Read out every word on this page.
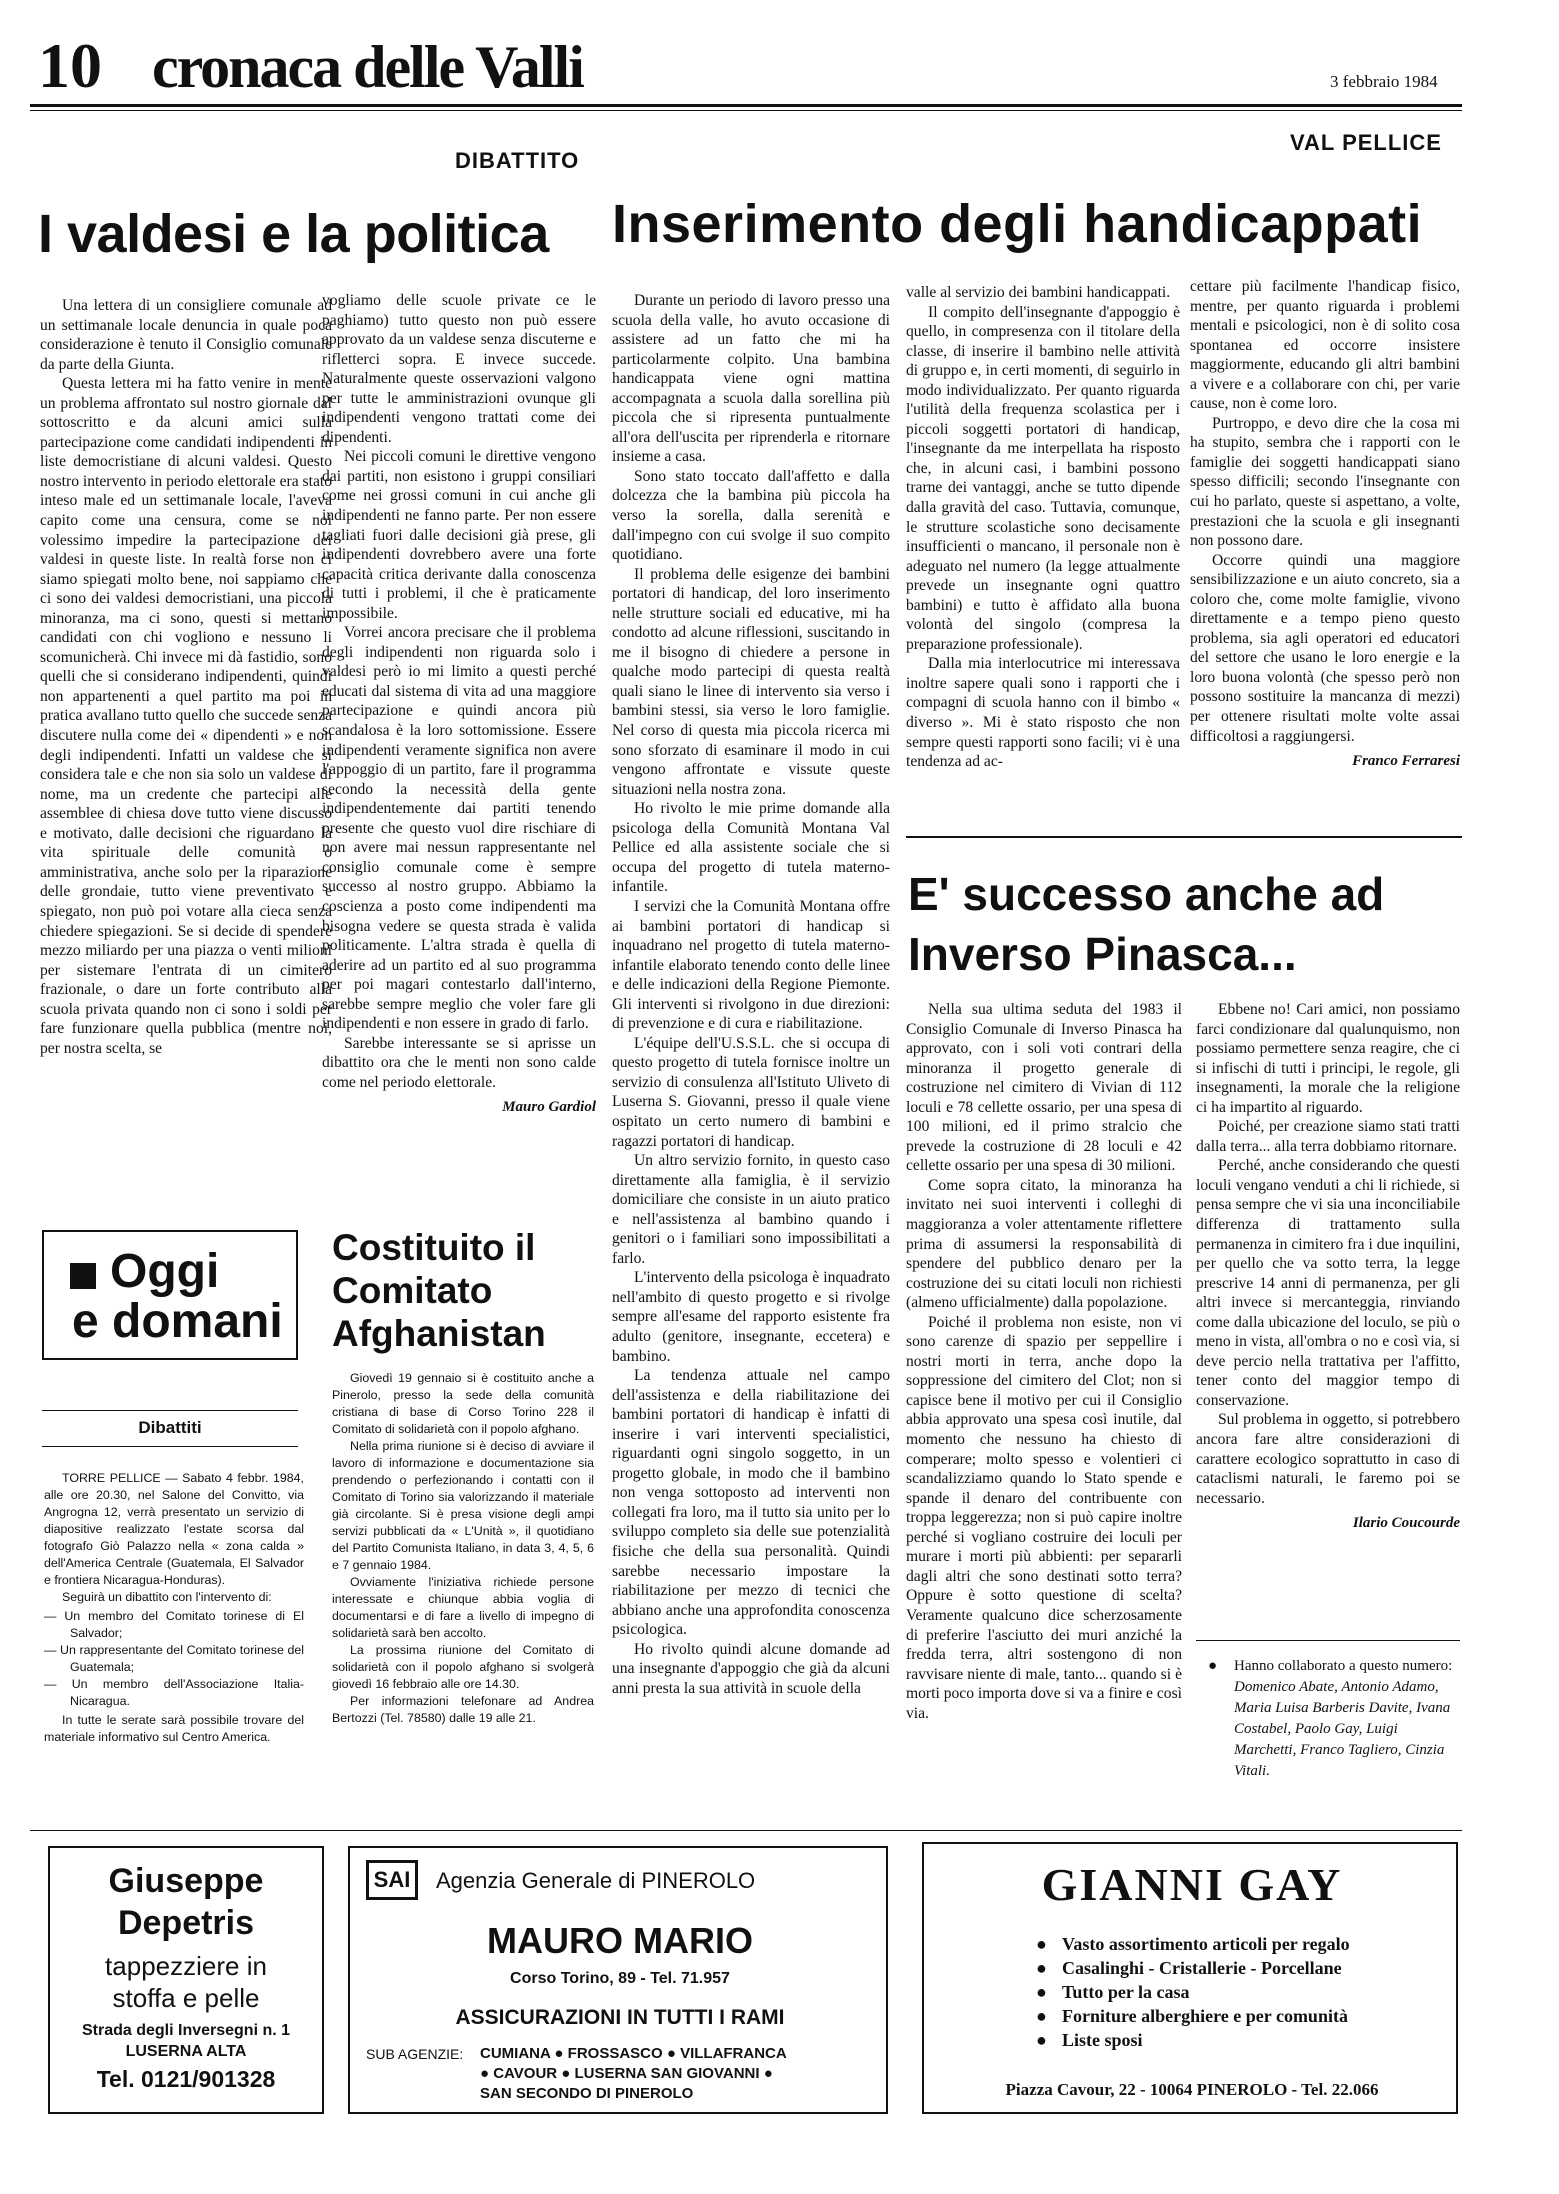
10 cronaca delle Valli	3 febbraio 1984
DIBATTITO
VAL PELLICE
I valdesi e la politica Inserimento degli handicappati

Una lettera di un consigliere comunale ad un settimanale locale denuncia in quale poca considerazione è tenuto il Consiglio comunale da parte della Giunta.

Questa lettera mi ha fatto venire in mente un problema affrontato sul nostro giornale dal sottoscritto e da alcuni amici sulla partecipazione come candidati indipendenti in liste democristiane di alcuni valdesi. Questo nostro intervento in periodo elettorale era stato inteso male ed un settimanale locale, l'aveva capito come una censura, come se noi volessimo impedire la partecipazione dei valdesi in queste liste. In realtà forse non ci siamo spiegati molto bene, noi sappiamo che ci sono dei valdesi democristiani, una piccola minoranza, ma ci sono, questi si mettano candidati con chi vogliono e nessuno li scomunicherà. Chi invece mi dà fastidio, sono quelli che si considerano indipendenti, quindi non appartenenti a quel partito ma poi in pratica avallano tutto quello che succede senza discutere nulla come dei « dipendenti » e non degli indipendenti. Infatti un valdese che si considera tale e che non sia solo un valdese di nome, ma un credente che partecipi alle assemblee di chiesa dove tutto viene discusso e motivato, dalle decisioni che riguardano la vita spirituale delle comunità o amministrativa, anche solo per la riparazione delle grondaie, tutto viene preventivato e spiegato, non può poi votare alla cieca senza chiedere spiegazioni. Se si decide di spendere mezzo miliardo per una piazza o venti milioni per sistemare l'entrata di un cimitero frazionale, o dare un forte contributo alla scuola privata quando non ci sono i soldi per fare funzionare quella pubblica (mentre noi, per nostra scelta, se

vogliamo delle scuole private ce le paghiamo) tutto questo non può essere approvato da un valdese senza discuterne e rifletterci sopra. E invece succede. Naturalmente queste osservazioni valgono per tutte le amministrazioni ovunque gli indipendenti vengono trattati come dei dipendenti.

Nei piccoli comuni le direttive vengono dai partiti, non esistono i gruppi consiliari come nei grossi comuni in cui anche gli indipendenti ne fanno parte. Per non essere tagliati fuori dalle decisioni già prese, gli indipendenti dovrebbero avere una forte capacità critica derivante dalla conoscenza di tutti i problemi, il che è praticamente impossibile.

Vorrei ancora precisare che il problema degli indipendenti non riguarda solo i valdesi però io mi limito a questi perché educati dal sistema di vita ad una maggiore partecipazione e quindi ancora più scandalosa è la loro sottomissione. Essere indipendenti veramente significa non avere l'appoggio di un partito, fare il programma secondo la necessità della gente indipendentemente dai partiti tenendo presente che questo vuol dire rischiare di non avere mai nessun rappresentante nel consiglio comunale come è sempre successo al nostro gruppo. Abbiamo la coscienza a posto come indipendenti ma bisogna vedere se questa strada è valida politicamente. L'altra strada è quella di aderire ad un partito ed al suo programma per poi magari contestarlo dall'interno, sarebbe sempre meglio che voler fare gli indipendenti e non essere in grado di farlo.

Sarebbe interessante se si aprisse un dibattito ora che le menti non sono calde come nel periodo elettorale.

Mauro Gardiol

Durante un periodo di lavoro presso una scuola della valle, ho avuto occasione di assistere ad un fatto che mi ha particolarmente colpito. Una bambina handicappata viene ogni mattina accompagnata a scuola dalla sorellina più piccola che si ripresenta puntualmente all'ora dell'uscita per riprenderla e ritornare insieme a casa.

Sono stato toccato dall'affetto e dalla dolcezza che la bambina più piccola ha verso la sorella, dalla serenità e dall'impegno con cui svolge il suo compito quotidiano.

Il problema delle esigenze dei bambini portatori di handicap, del loro inserimento nelle strutture sociali ed educative, mi ha condotto ad alcune riflessioni, suscitando in me il bisogno di chiedere a persone in qualche modo partecipi di questa realtà quali siano le linee di intervento sia verso i bambini stessi, sia verso le loro famiglie. Nel corso di questa mia piccola ricerca mi sono sforzato di esaminare il modo in cui vengono affrontate e vissute queste situazioni nella nostra zona.

Ho rivolto le mie prime domande alla psicologa della Comunità Montana Val Pellice ed alla assistente sociale che si occupa del progetto di tutela materno-infantile.

I servizi che la Comunità Montana offre ai bambini portatori di handicap si inquadrano nel progetto di tutela materno-infantile elaborato tenendo conto delle linee e delle indicazioni della Regione Piemonte. Gli interventi si rivolgono in due direzioni: di prevenzione e di cura e riabilitazione.

L'équipe dell'U.S.S.L. che si occupa di questo progetto di tutela fornisce inoltre un servizio di consulenza all'Istituto Uliveto di Luserna S. Giovanni, presso il quale viene ospitato un certo numero di bambini e ragazzi portatori di handicap.

Un altro servizio fornito, in questo caso direttamente alla famiglia, è il servizio domiciliare che consiste in un aiuto pratico e nell'assistenza al bambino quando i genitori o i familiari sono impossibilitati a farlo.

L'intervento della psicologa è inquadrato nell'ambito di questo progetto e si rivolge sempre all'esame del rapporto esistente fra adulto (genitore, insegnante, eccetera) e bambino.

La tendenza attuale nel campo dell'assistenza e della riabilitazione dei bambini portatori di handicap è infatti di inserire i vari interventi specialistici, riguardanti ogni singolo soggetto, in un progetto globale, in modo che il bambino non venga sottoposto ad interventi non collegati fra loro, ma il tutto sia unito per lo sviluppo completo sia delle sue potenzialità fisiche che della sua personalità. Quindi sarebbe necessario impostare la riabilitazione per mezzo di tecnici che abbiano anche una approfondita conoscenza psicologica.

Ho rivolto quindi alcune domande ad una insegnante d'appoggio che già da alcuni anni presta la sua attività in scuole della

valle al servizio dei bambini handicappati.

Il compito dell'insegnante d'appoggio è quello, in compresenza con il titolare della classe, di inserire il bambino nelle attività di gruppo e, in certi momenti, di seguirlo in modo individualizzato. Per quanto riguarda l'utilità della frequenza scolastica per i piccoli soggetti portatori di handicap, l'insegnante da me interpellata ha risposto che, in alcuni casi, i bambini possono trarne dei vantaggi, anche se tutto dipende dalla gravità del caso. Tuttavia, comunque, le strutture scolastiche sono decisamente insufficienti o mancano, il personale non è adeguato nel numero (la legge attualmente prevede un insegnante ogni quattro bambini) e tutto è affidato alla buona volontà del singolo (compresa la preparazione professionale).

Dalla mia interlocutrice mi interessava inoltre sapere quali sono i rapporti che i compagni di scuola hanno con il bimbo « diverso ». Mi è stato risposto che non sempre questi rapporti sono facili; vi è una tendenza ad ac-

cettare più facilmente l'handicap fisico, mentre, per quanto riguarda i problemi mentali e psicologici, non è di solito cosa spontanea ed occorre insistere maggiormente, educando gli altri bambini a vivere e a collaborare con chi, per varie cause, non è come loro.

Purtroppo, e devo dire che la cosa mi ha stupito, sembra che i rapporti con le famiglie dei soggetti handicappati siano spesso difficili; secondo l'insegnante con cui ho parlato, queste si aspettano, a volte, prestazioni che la scuola e gli insegnanti non possono dare.

Occorre quindi una maggiore sensibilizzazione e un aiuto concreto, sia a coloro che, come molte famiglie, vivono direttamente e a tempo pieno questo problema, sia agli operatori ed educatori del settore che usano le loro energie e la loro buona volontà (che spesso però non possono sostituire la mancanza di mezzi) per ottenere risultati molte volte assai difficoltosi a raggiungersi.

Franco Ferraresi
E' successo anche ad
Inverso Pinasca...

Nella sua ultima seduta del 1983 il Consiglio Comunale di Inverso Pinasca ha approvato, con i soli voti contrari della minoranza il progetto generale di costruzione nel cimitero di Vivian di 112 loculi e 78 cellette ossario, per una spesa di 100 milioni, ed il primo stralcio che prevede la costruzione di 28 loculi e 42 cellette ossario per una spesa di 30 milioni.

Come sopra citato, la minoranza ha invitato nei suoi interventi i colleghi di maggioranza a voler attentamente riflettere prima di assumersi la responsabilità di spendere del pubblico denaro per la costruzione dei su citati loculi non richiesti (almeno ufficialmente) dalla popolazione.

Poiché il problema non esiste, non vi sono carenze di spazio per seppellire i nostri morti in terra, anche dopo la soppressione del cimitero del Clot; non si capisce bene il motivo per cui il Consiglio abbia approvato una spesa così inutile, dal momento che nessuno ha chiesto di comperare; molto spesso e volentieri ci scandalizziamo quando lo Stato spende e spande il denaro del contribuente con troppa leggerezza; non si può capire inoltre perché si vogliano costruire dei loculi per murare i morti più abbienti: per separarli dagli altri che sono destinati sotto terra? Oppure è sotto questione di scelta? Veramente qualcuno dice scherzosamente di preferire l'asciutto dei muri anziché la fredda terra, altri sostengono di non ravvisare niente di male, tanto... quando si è morti poco importa dove si va a finire e così via.

Ebbene no! Cari amici, non possiamo farci condizionare dal qualunquismo, non possiamo permettere senza reagire, che ci si infischi di tutti i principi, le regole, gli insegnamenti, la morale che la religione ci ha impartito al riguardo.

Poiché, per creazione siamo stati tratti dalla terra... alla terra dobbiamo ritornare.

Perché, anche considerando che questi loculi vengano venduti a chi li richiede, si pensa sempre che vi sia una inconciliabile differenza di trattamento sulla permanenza in cimitero fra i due inquilini, per quello che va sotto terra, la legge prescrive 14 anni di permanenza, per gli altri invece si mercanteggia, rinviando come dalla ubicazione del loculo, se più o meno in vista, all'ombra o no e così via, si deve percio nella trattativa per l'affitto, tener conto del maggior tempo di conservazione.

Sul problema in oggetto, si potrebbero ancora fare altre considerazioni di carattere ecologico soprattutto in caso di cataclismi naturali, le faremo poi se necessario.

Ilario Coucourde
●	Hanno collaborato a questo numero: Domenico Abate, Antonio Adamo, Maria Luisa Barberis Davite, Ivana Costabel, Paolo Gay, Luigi Marchetti, Franco Tagliero, Cinzia Vitali.
Oggi
e domani
Dibattiti

TORRE PELLICE — Sabato 4 febbr. 1984, alle ore 20.30, nel Salone del Convitto, via Angrogna 12, verrà presentato un servizio di diapositive realizzato l'estate scorsa dal fotografo Giò Palazzo nella « zona calda » dell'America Centrale (Guatemala, El Salvador e frontiera Nicaragua-Honduras).

Seguirà un dibattito con l'intervento di:

— Un membro del Comitato torinese di El Salvador;
— Un rappresentante del Comitato torinese del Guatemala;
— Un membro dell'Associazione Italia-Nicaragua.

In tutte le serate sarà possibile trovare del materiale informativo sul Centro America.

Costituito il Comitato Afghanistan

Giovedì 19 gennaio si è costituito anche a Pinerolo, presso la sede della comunità cristiana di base di Corso Torino 228 il Comitato di solidarietà con il popolo afghano.

Nella prima riunione si è deciso di avviare il lavoro di informazione e documentazione sia prendendo o perfezionando i contatti con il Comitato di Torino sia valorizzando il materiale già circolante. Si è presa visione degli ampi servizi pubblicati da « L'Unità », il quotidiano del Partito Comunista Italiano, in data 3, 4, 5, 6 e 7 gennaio 1984.

Ovviamente l'iniziativa richiede persone interessate e chiunque abbia voglia di documentarsi e di fare a livello di impegno di solidarietà sarà ben accolto.

La prossima riunione del Comitato di solidarietà con il popolo afghano si svolgerà giovedì 16 febbraio alle ore 14.30.

Per informazioni telefonare ad Andrea Bertozzi (Tel. 78580) dalle 19 alle 21.

Giuseppe
Depetris
tappezziere in
stoffa e pelle
Strada degli Inversegni n. 1
LUSERNA ALTA
Tel. 0121/901328
SAI	Agenzia Generale di PINEROLO
MAURO MARIO
Corso Torino, 89 - Tel. 71.957
ASSICURAZIONI IN TUTTI I RAMI
SUB AGENZIE: CUMIANA ● FROSSASCO ● VILLAFRANCA
● CAVOUR ● LUSERNA SAN GIOVANNI ●
SAN SECONDO DI PINEROLO
GIANNI GAY
● Vasto assortimento articoli per regalo
● Casalinghi - Cristallerie - Porcellane
● Tutto per la casa
● Forniture alberghiere e per comunità
● Liste sposi
Piazza Cavour, 22 - 10064 PINEROLO - Tel. 22.066
